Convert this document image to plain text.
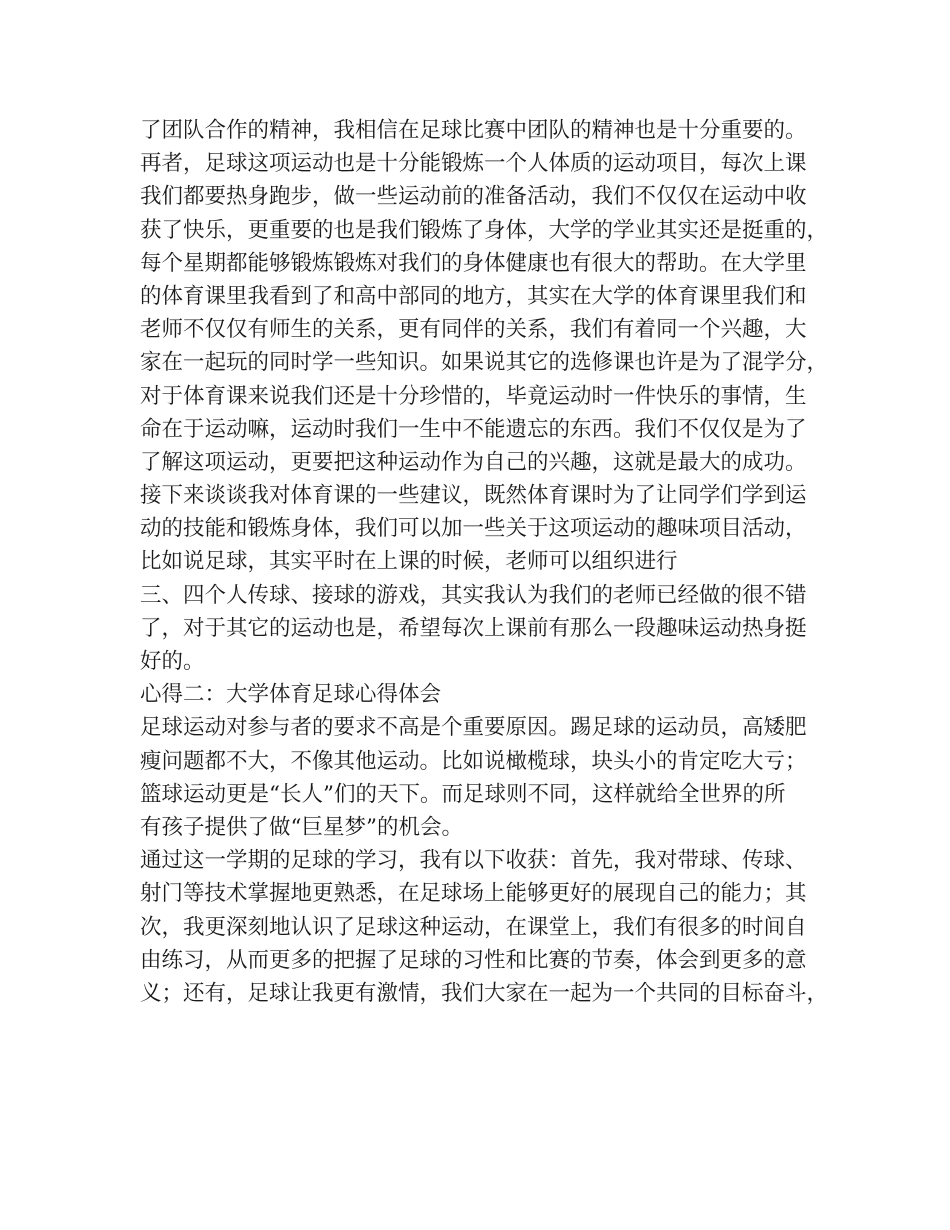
了团队合作的精神，我相信在足球比赛中团队的精神也是十分重要的。
再者，足球这项运动也是十分能锻炼一个人体质的运动项目，每次上课
我们都要热身跑步，做一些运动前的准备活动，我们不仅仅在运动中收
获了快乐，更重要的也是我们锻炼了身体，大学的学业其实还是挺重的，
每个星期都能够锻炼锻炼对我们的身体健康也有很大的帮助。在大学里
的体育课里我看到了和高中部同的地方，其实在大学的体育课里我们和
老师不仅仅有师生的关系，更有同伴的关系，我们有着同一个兴趣，大
家在一起玩的同时学一些知识。如果说其它的选修课也许是为了混学分，
对于体育课来说我们还是十分珍惜的，毕竟运动时一件快乐的事情，生
命在于运动嘛，运动时我们一生中不能遗忘的东西。我们不仅仅是为了
了解这项运动，更要把这种运动作为自己的兴趣，这就是最大的成功。
接下来谈谈我对体育课的一些建议，既然体育课时为了让同学们学到运
动的技能和锻炼身体，我们可以加一些关于这项运动的趣味项目活动，
比如说足球，其实平时在上课的时候，老师可以组织进行
三、四个人传球、接球的游戏，其实我认为我们的老师已经做的很不错
了，对于其它的运动也是，希望每次上课前有那么一段趣味运动热身挺
好的。
心得二：大学体育足球心得体会
足球运动对参与者的要求不高是个重要原因。踢足球的运动员，高矮肥
瘦问题都不大，不像其他运动。比如说橄榄球，块头小的肯定吃大亏；
篮球运动更是“长人”们的天下。而足球则不同，这样就给全世界的所
有孩子提供了做“巨星梦”的机会。
通过这一学期的足球的学习，我有以下收获：首先，我对带球、传球、
射门等技术掌握地更熟悉，在足球场上能够更好的展现自己的能力；其
次，我更深刻地认识了足球这种运动，在课堂上，我们有很多的时间自
由练习，从而更多的把握了足球的习性和比赛的节奏，体会到更多的意
义；还有，足球让我更有激情，我们大家在一起为一个共同的目标奋斗，
